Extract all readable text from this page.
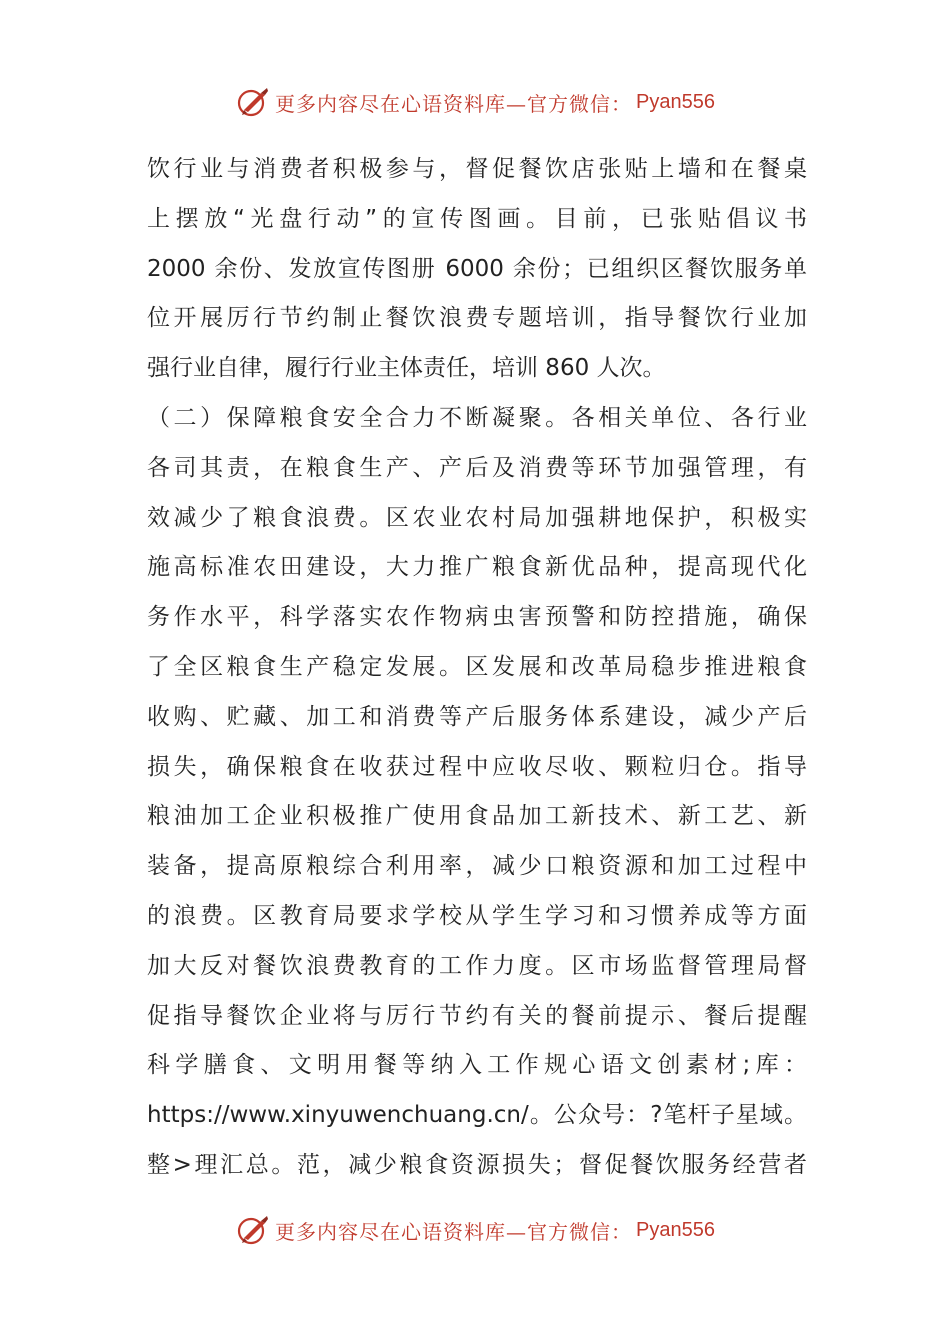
更多内容尽在心语资料库—官方微信： Pyan556
饮行业与消费者积极参与，督促餐饮店张贴上墙和在餐桌
上摆放“光盘行动”的宣传图画。目前，已张贴倡议书
2000 余份、发放宣传图册 6000 余份；已组织区餐饮服务单
位开展厉行节约制止餐饮浪费专题培训，指导餐饮行业加
强行业自律，履行行业主体责任，培训 860 人次。
（二）保障粮食安全合力不断凝聚。各相关单位、各行业
各司其责，在粮食生产、产后及消费等环节加强管理，有
效减少了粮食浪费。区农业农村局加强耕地保护，积极实
施高标准农田建设，大力推广粮食新优品种，提高现代化
务作水平，科学落实农作物病虫害预警和防控措施，确保
了全区粮食生产稳定发展。区发展和改革局稳步推进粮食
收购、贮藏、加工和消费等产后服务体系建设，减少产后
损失，确保粮食在收获过程中应收尽收、颗粒归仓。指导
粮油加工企业积极推广使用食品加工新技术、新工艺、新
装备，提高原粮综合利用率，减少口粮资源和加工过程中
的浪费。区教育局要求学校从学生学习和习惯养成等方面
加大反对餐饮浪费教育的工作力度。区市场监督管理局督
促指导餐饮企业将与厉行节约有关的餐前提示、餐后提醒
科学膳食、文明用餐等纳入工作规心语文创素材;库：
https://www.xinyuwenchuang.cn/。公众号：?笔杆子星域。
整>理汇总。范，减少粮食资源损失；督促餐饮服务经营者
更多内容尽在心语资料库—官方微信： Pyan556
